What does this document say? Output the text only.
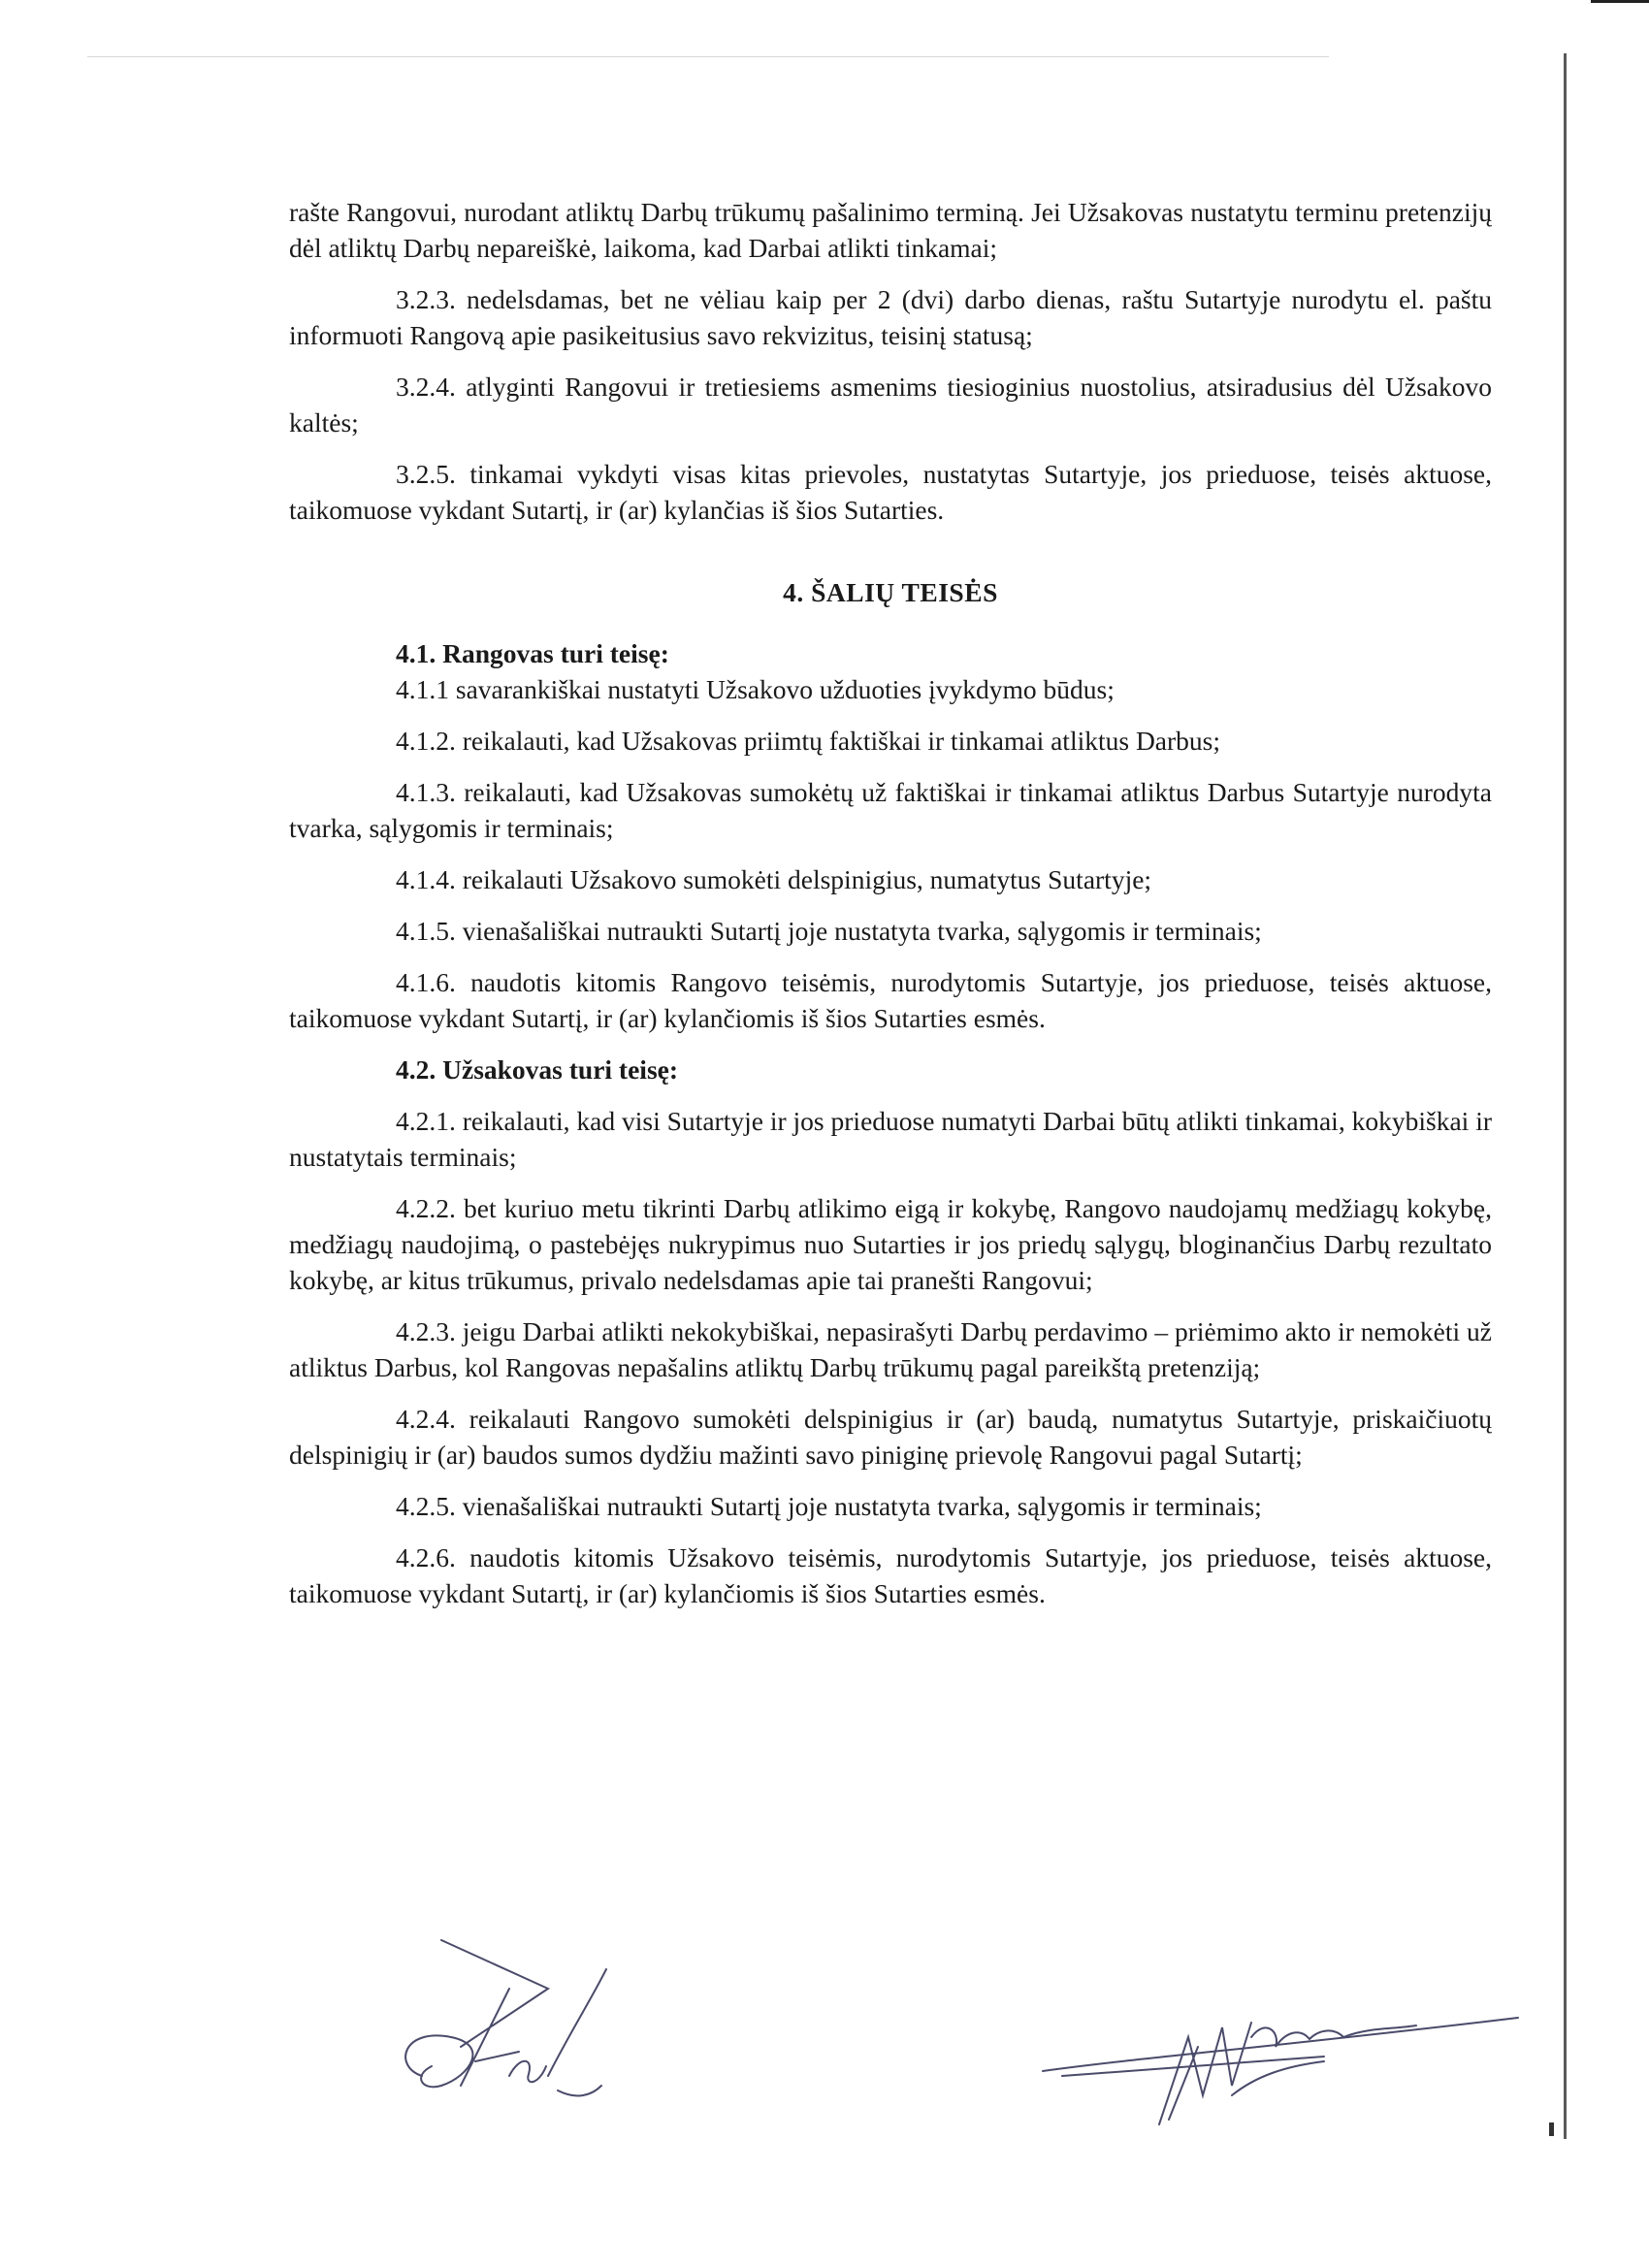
rašte Rangovui, nurodant atliktų Darbų trūkumų pašalinimo terminą. Jei Užsakovas nustatytu terminu pretenzijų dėl atliktų Darbų nepareiškė, laikoma, kad Darbai atlikti tinkamai;

3.2.3. nedelsdamas, bet ne vėliau kaip per 2 (dvi) darbo dienas, raštu Sutartyje nurodytu el. paštu informuoti Rangovą apie pasikeitusius savo rekvizitus, teisinį statusą;

3.2.4. atlyginti Rangovui ir tretiesiems asmenims tiesioginius nuostolius, atsiradusius dėl Užsakovo kaltės;

3.2.5. tinkamai vykdyti visas kitas prievoles, nustatytas Sutartyje, jos prieduose, teisės aktuose, taikomuose vykdant Sutartį, ir (ar) kylančias iš šios Sutarties.

4. ŠALIŲ TEISĖS

4.1. Rangovas turi teisę:

4.1.1 savarankiškai nustatyti Užsakovo užduoties įvykdymo būdus;

4.1.2. reikalauti, kad Užsakovas priimtų faktiškai ir tinkamai atliktus Darbus;

4.1.3. reikalauti, kad Užsakovas sumokėtų už faktiškai ir tinkamai atliktus Darbus Sutartyje nurodyta tvarka, sąlygomis ir terminais;

4.1.4. reikalauti Užsakovo sumokėti delspinigius, numatytus Sutartyje;

4.1.5. vienašališkai nutraukti Sutartį joje nustatyta tvarka, sąlygomis ir terminais;

4.1.6. naudotis kitomis Rangovo teisėmis, nurodytomis Sutartyje, jos prieduose, teisės aktuose, taikomuose vykdant Sutartį, ir (ar) kylančiomis iš šios Sutarties esmės.

4.2. Užsakovas turi teisę:

4.2.1. reikalauti, kad visi Sutartyje ir jos prieduose numatyti Darbai būtų atlikti tinkamai, kokybiškai ir nustatytais terminais;

4.2.2. bet kuriuo metu tikrinti Darbų atlikimo eigą ir kokybę, Rangovo naudojamų medžiagų kokybę, medžiagų naudojimą, o pastebėjęs nukrypimus nuo Sutarties ir jos priedų sąlygų, bloginančius Darbų rezultato kokybę, ar kitus trūkumus, privalo nedelsdamas apie tai pranešti Rangovui;

4.2.3. jeigu Darbai atlikti nekokybiškai, nepasirašyti Darbų perdavimo – priėmimo akto ir nemokėti už atliktus Darbus, kol Rangovas nepašalins atliktų Darbų trūkumų pagal pareikštą pretenziją;

4.2.4. reikalauti Rangovo sumokėti delspinigius ir (ar) baudą, numatytus Sutartyje, priskaičiuotų delspinigių ir (ar) baudos sumos dydžiu mažinti savo piniginę prievolę Rangovui pagal Sutartį;

4.2.5. vienašališkai nutraukti Sutartį joje nustatyta tvarka, sąlygomis ir terminais;

4.2.6. naudotis kitomis Užsakovo teisėmis, nurodytomis Sutartyje, jos prieduose, teisės aktuose, taikomuose vykdant Sutartį, ir (ar) kylančiomis iš šios Sutarties esmės.
